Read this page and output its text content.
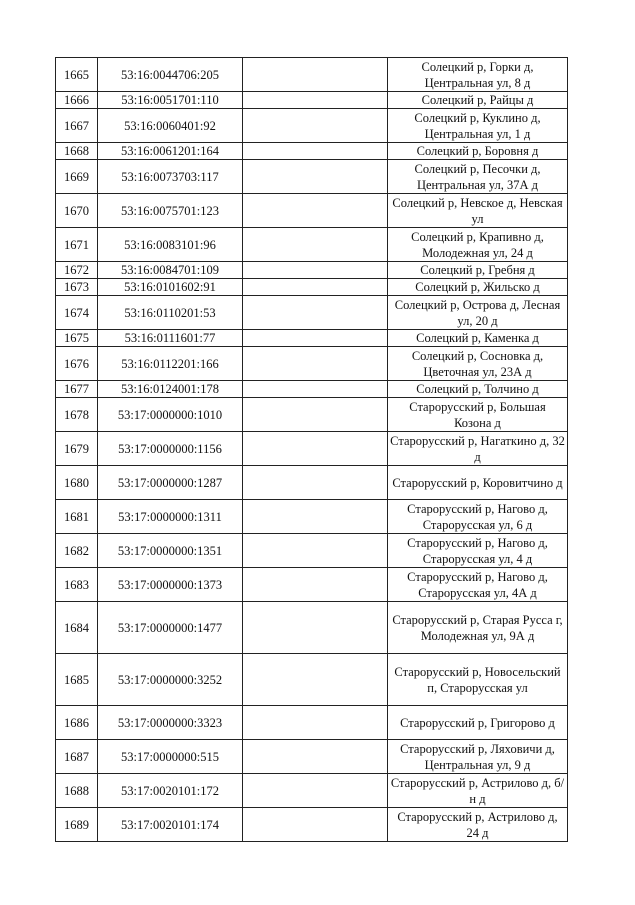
1665	53:16:0044706:205		Солецкий р, Горки д, Центральная ул, 8 д
1666	53:16:0051701:110		Солецкий р, Райцы д
1667	53:16:0060401:92		Солецкий р, Куклино д, Центральная ул, 1 д
1668	53:16:0061201:164		Солецкий р, Боровня д
1669	53:16:0073703:117		Солецкий р, Песочки д, Центральная ул, 37А д
1670	53:16:0075701:123		Солецкий р, Невское д, Невская ул
1671	53:16:0083101:96		Солецкий р, Крапивно д, Молодежная ул, 24 д
1672	53:16:0084701:109		Солецкий р, Гребня д
1673	53:16:0101602:91		Солецкий р, Жильско д
1674	53:16:0110201:53		Солецкий р, Острова д, Лесная ул, 20 д
1675	53:16:0111601:77		Солецкий р, Каменка д
1676	53:16:0112201:166		Солецкий р, Сосновка д, Цветочная ул, 23А д
1677	53:16:0124001:178		Солецкий р, Толчино д
1678	53:17:0000000:1010		Старорусский р, Большая Козона д
1679	53:17:0000000:1156		Старорусский р, Нагаткино д, 32 д
1680	53:17:0000000:1287		Старорусский р, Коровитчино д
1681	53:17:0000000:1311		Старорусский р, Нагово д, Старорусская ул, 6 д
1682	53:17:0000000:1351		Старорусский р, Нагово д, Старорусская ул, 4 д
1683	53:17:0000000:1373		Старорусский р, Нагово д, Старорусская ул, 4А д
1684	53:17:0000000:1477		Старорусский р, Старая Русса г, Молодежная ул, 9А д
1685	53:17:0000000:3252		Старорусский р, Новосельский п, Старорусская ул
1686	53:17:0000000:3323		Старорусский р, Григорово д
1687	53:17:0000000:515		Старорусский р, Ляховичи д, Центральная ул, 9 д
1688	53:17:0020101:172		Старорусский р, Астрилово д, б/н д
1689	53:17:0020101:174		Старорусский р, Астрилово д, 24 д
